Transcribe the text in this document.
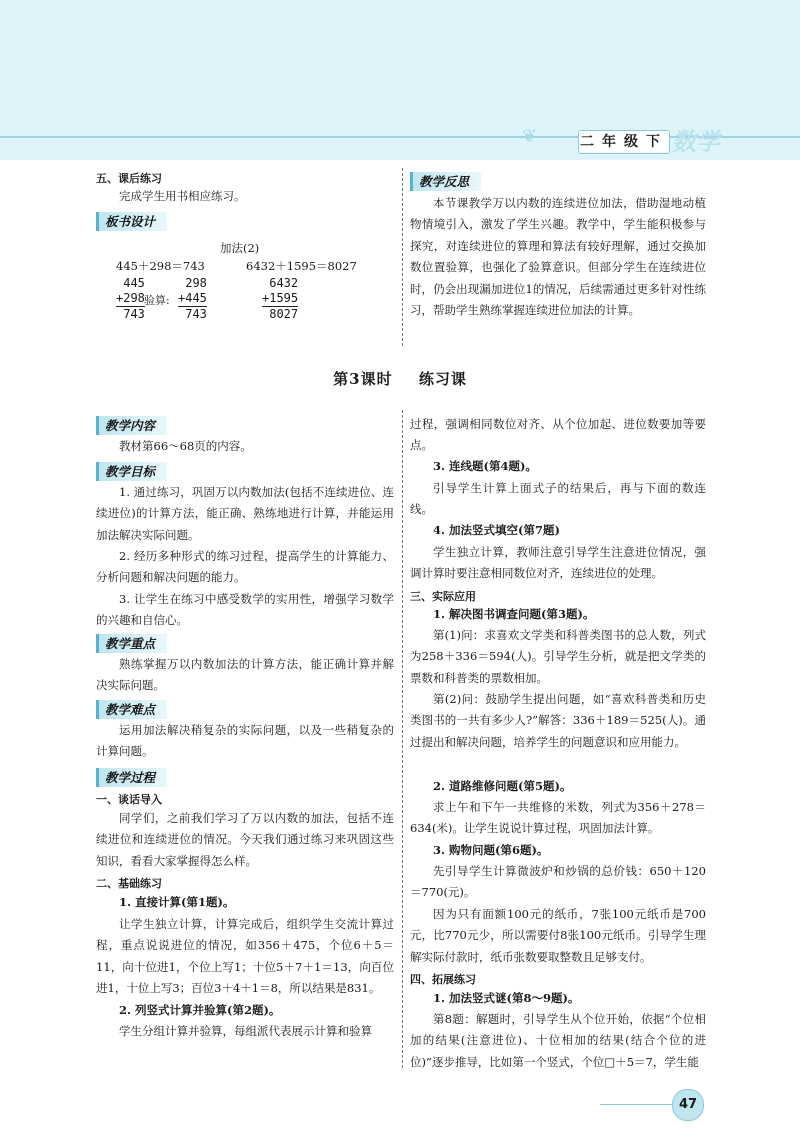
❦	二年级下 数学
五、课后练习
完成学生用书相应练习。
板书设计
加法(2)
445＋298＝743	6432＋1595＝8027
445
+298
743
验算:
298
+445
743
6432
+1595
8027
教学反思
本节课教学万以内数的连续进位加法，借助湿地动植物情境引入，激发了学生兴趣。教学中，学生能积极参与探究，对连续进位的算理和算法有较好理解，通过交换加数位置验算，也强化了验算意识。但部分学生在连续进位时，仍会出现漏加进位1的情况，后续需通过更多针对性练习，帮助学生熟练掌握连续进位加法的计算。
第3课时 练习课
教学内容
教材第66～68页的内容。
教学目标
1. 通过练习，巩固万以内数加法(包括不连续进位、连续进位)的计算方法，能正确、熟练地进行计算，并能运用加法解决实际问题。
2. 经历多种形式的练习过程，提高学生的计算能力、分析问题和解决问题的能力。
3. 让学生在练习中感受数学的实用性，增强学习数学的兴趣和自信心。
教学重点
熟练掌握万以内数加法的计算方法，能正确计算并解决实际问题。
教学难点
运用加法解决稍复杂的实际问题，以及一些稍复杂的计算问题。
教学过程
一、谈话导入
同学们，之前我们学习了万以内数的加法，包括不连续进位和连续进位的情况。今天我们通过练习来巩固这些知识，看看大家掌握得怎么样。
二、基础练习
1. 直接计算(第1题)。
让学生独立计算，计算完成后，组织学生交流计算过程，重点说说进位的情况，如356＋475，个位6＋5＝11，向十位进1，个位上写1；十位5＋7＋1＝13，向百位进1，十位上写3；百位3＋4＋1＝8，所以结果是831。
2. 列竖式计算并验算(第2题)。
学生分组计算并验算，每组派代表展示计算和验算
过程，强调相同数位对齐、从个位加起、进位数要加等要点。
3. 连线题(第4题)。
引导学生计算上面式子的结果后，再与下面的数连线。
4. 加法竖式填空(第7题)
学生独立计算，教师注意引导学生注意进位情况，强调计算时要注意相同数位对齐，连续进位的处理。
三、实际应用
1. 解决图书调查问题(第3题)。
第(1)问：求喜欢文学类和科普类图书的总人数，列式为258＋336＝594(人)。引导学生分析，就是把文学类的票数和科普类的票数相加。
第(2)问：鼓励学生提出问题，如“喜欢科普类和历史类图书的一共有多少人?”解答：336＋189＝525(人)。通过提出和解决问题，培养学生的问题意识和应用能力。
2. 道路维修问题(第5题)。
求上午和下午一共维修的米数，列式为356＋278＝634(米)。让学生说说计算过程，巩固加法计算。
3. 购物问题(第6题)。
先引导学生计算微波炉和炒锅的总价钱：650＋120＝770(元)。
因为只有面额100元的纸币，7张100元纸币是700元，比770元少，所以需要付8张100元纸币。引导学生理解实际付款时，纸币张数要取整数且足够支付。
四、拓展练习
1. 加法竖式谜(第8～9题)。
第8题：解题时，引导学生从个位开始，依据“个位相加的结果(注意进位)、十位相加的结果(结合个位的进位)”逐步推导，比如第一个竖式，个位□＋5＝7，学生能
47
